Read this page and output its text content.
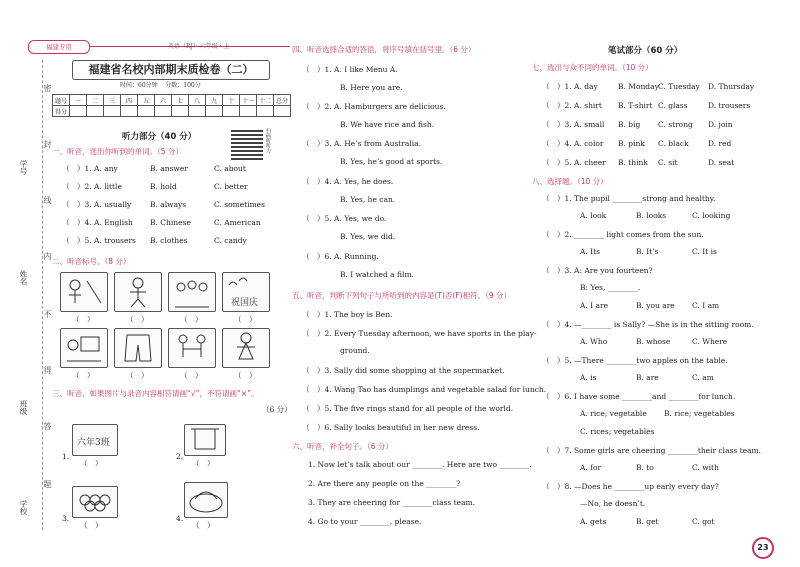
福建专用	英语（RJ）· 六年级 · 上
学号
姓名
班级
学校
密
封
线
内
不
得
答
题
福建省名校内部期末质检卷（二）
时间：60分钟 分数：100分
题号	一	二	三	四	五	六	七	八	九	十	十一	十二	总分
得分													
听力部分（40 分）	扫码听听力
一、听音，选出你听到的单词。（5 分）
（　）1. A. any	B. answer	C. about
（　）2. A. little	B. hold	C. better
（　）3. A. usually	B. always	C. sometimes
（　）4. A. English B. Chinese	C. American
（　）5. A. trousers B. clothes	C. candy
二、听音标号。（8 分）
祝国庆
（　）	（　）	（　）	（　）
（　）	（　）	（　）	（　）
三、听音，如果图片与录音内容相符请画“√”，不符请画“×”。
（6 分）
1.
六年3班
（　）
2.
（　）
3.
（　）
4.
（　）
四、听音选择合适的答语，将序号填在括号里。（6 分）
（　）1. A. I like Menu A.
B. Here you are.
（　）2. A. Hamburgers are delicious.
B. We have rice and fish.
（　）3. A. He’s from Australia.
B. Yes, he’s good at sports.
（　）4. A. Yes, he does.
B. Yes, he can.
（　）5. A. Yes, we do.
B. Yes, we did.
（　）6. A. Running.
B. I watched a film.
五、听音，判断下列句子与所听到的内容是(T)否(F)相符。（9 分）
（　）1. The boy is Ben.
（　）2. Every Tuesday afternoon, we have sports in the play-
ground.
（　）3. Sally did some shopping at the supermarket.
（　）4. Wang Tao has dumplings and vegetable salad for lunch.
（　）5. The five rings stand for all people of the world.
（　）6. Sally looks beautiful in her new dress.
六、听音，补全句子。（6 分）
1. Now let’s talk about our ________. Here are two ________.
2. Are there any people on the ________?
3. They are cheering for ________class team.
4. Go to your ________, please.
笔试部分（60 分）
七、选出与众不同的单词。（10 分）
（　）1. A. day	B. MondayC. Tuesday D. Thursday
（　）2. A. shirt B. T-shirt C. glass	D. trousers
（　）3. A. small B. big C. strong D. join
（　）4. A. color B. pink C. black	D. red
（　）5. A. cheer B. think C. sit	D. seat
八、选择题。（10 分）
（　）1. The pupil ________strong and healthy.
A. look	B. looks	C. looking
（　）2. ________ light comes from the sun.
A. Its	B. It’s	C. It is
（　）3. A: Are you fourteen?
B: Yes, ________.
A. I are	B. you are C. I am
（　）4. —________ is Sally? —She is in the sitting room.
A. Who	B. whose	C. Where
（　）5. —There ________two apples on the table.
A. is	B. are	C. am
（　）6. I have some ________and ________for lunch.
A. rice; vegetable B. rice; vegetables
C. rices; vegetables
（　）7. Some girls are cheering ________their class team.
A. for	B. to	C. with
（　）8. —Does he ________up early every day?
—No, he doesn’t.
A. gets	B. get	C. got
23
